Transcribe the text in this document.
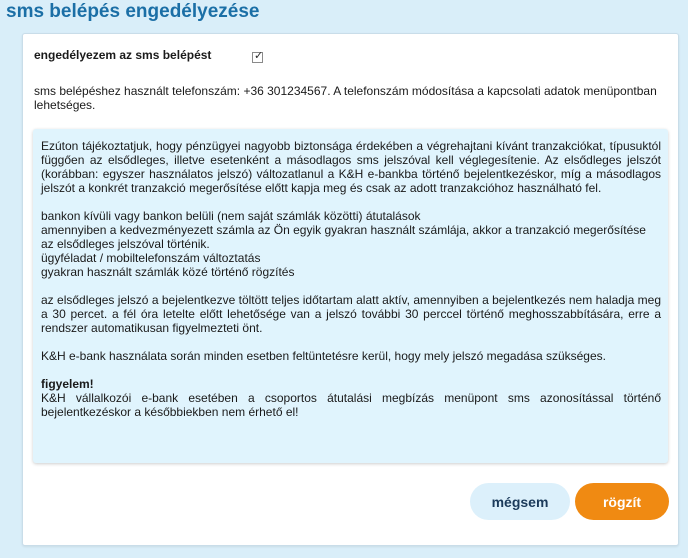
sms belépés engedélyezése
engedélyezem az sms belépést	✓
sms belépéshez használt telefonszám: +36 301234567. A telefonszám módosítása a kapcsolati adatok menüpontban lehetséges.

Ezúton tájékoztatjuk, hogy pénzügyei nagyobb biztonsága érdekében a végrehajtani kívánt tranzakciókat, típusuktól függően az elsődleges, illetve esetenként a másodlagos sms jelszóval kell véglegesítenie. Az elsődleges jelszót (korábban: egyszer használatos jelszó) változatlanul a K&H e-bankba történő bejelentkezéskor, míg a másodlagos jelszót a konkrét tranzakció megerősítése előtt kapja meg és csak az adott tranzakcióhoz használható fel.

bankon kívüli vagy bankon belüli (nem saját számlák közötti) átutalások

amennyiben a kedvezményezett számla az Ön egyik gyakran használt számlája, akkor a tranzakció megerősítése az elsődleges jelszóval történik.

ügyféladat / mobiltelefonszám változtatás

gyakran használt számlák közé történő rögzítés

az elsődleges jelszó a bejelentkezve töltött teljes időtartam alatt aktív, amennyiben a bejelentkezés nem haladja meg a 30 percet. a fél óra letelte előtt lehetősége van a jelszó további 30 perccel történő meghosszabbítására, erre a rendszer automatikusan figyelmezteti önt.

K&H e-bank használata során minden esetben feltüntetésre kerül, hogy mely jelszó megadása szükséges.

figyelem!

K&H vállalkozói e-bank esetében a csoportos átutalási megbízás menüpont sms azonosítással történő bejelentkezéskor a későbbiekben nem érhető el!

mégsem	rögzít
